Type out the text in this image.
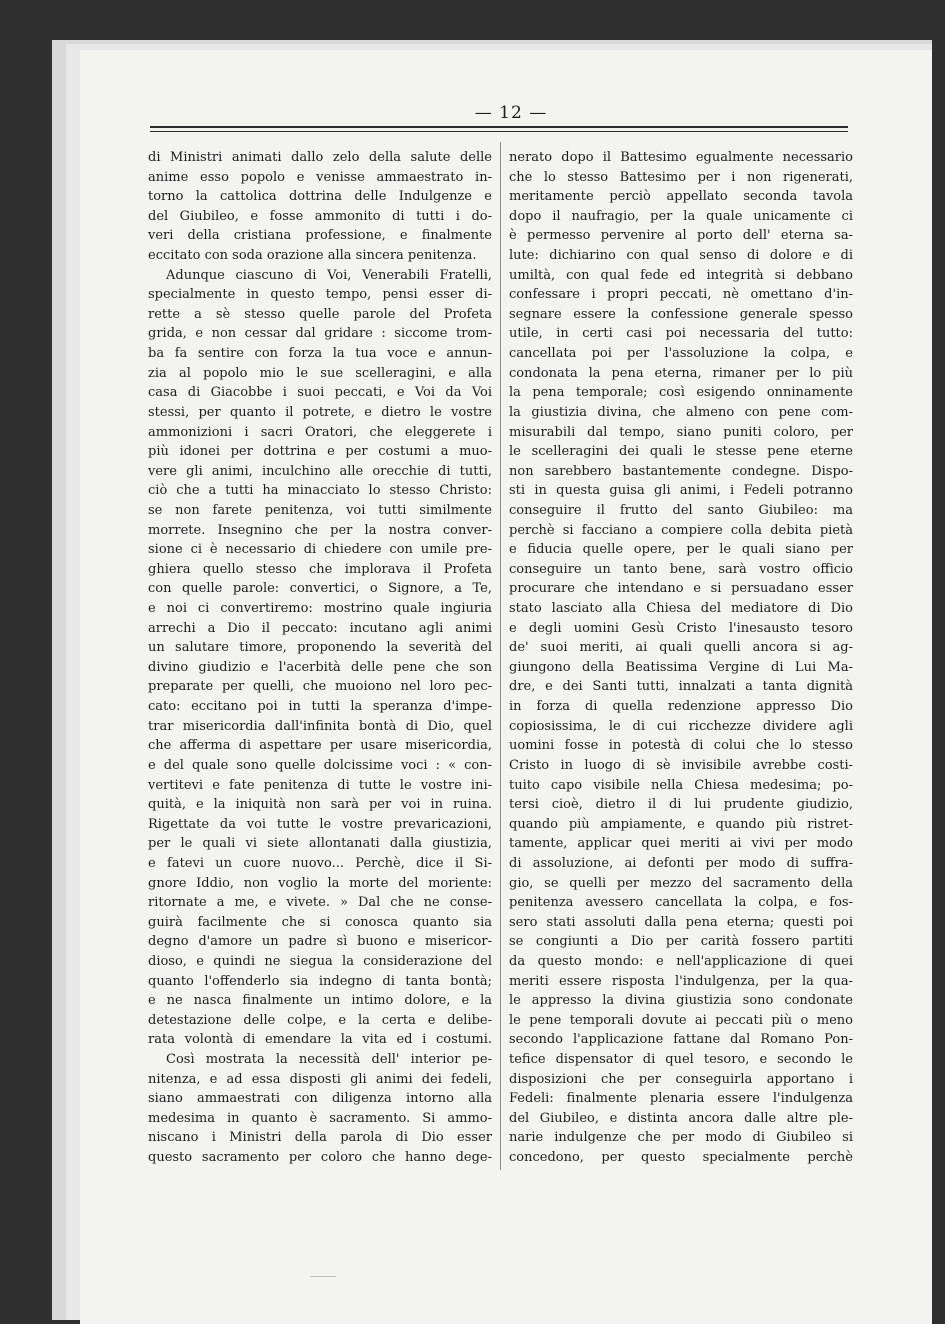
— 12 —
di Ministri animati dallo zelo della salute delle
anime esso popolo e venisse ammaestrato in-
torno la cattolica dottrina delle Indulgenze e
del Giubileo, e fosse ammonito di tutti i do-
veri della cristiana professione, e finalmente
eccitato con soda orazione alla sincera penitenza.
Adunque ciascuno di Voi, Venerabili Fratelli,
specialmente in questo tempo, pensi esser di-
rette a sè stesso quelle parole del Profeta
grida, e non cessar dal gridare : siccome trom-
ba fa sentire con forza la tua voce e annun-
zia al popolo mio le sue scelleragini, e alla
casa di Giacobbe i suoi peccati, e Voi da Voi
stessi, per quanto il potrete, e dietro le vostre
ammonizioni i sacri Oratori, che eleggerete i
più idonei per dottrina e per costumi a muo-
vere gli animi, inculchino alle orecchie di tutti,
ciò che a tutti ha minacciato lo stesso Christo:
se non farete penitenza, voi tutti similmente
morrete. Insegnino che per la nostra conver-
sione ci è necessario di chiedere con umile pre-
ghiera quello stesso che implorava il Profeta
con quelle parole: convertici, o Signore, a Te,
e noi ci convertiremo: mostrino quale ingiuria
arrechi a Dio il peccato: incutano agli animi
un salutare timore, proponendo la severità del
divino giudizio e l'acerbità delle pene che son
preparate per quelli, che muoiono nel loro pec-
cato: eccitano poi in tutti la speranza d'impe-
trar misericordia dall'infinita bontà di Dio, quel
che afferma di aspettare per usare misericordia,
e del quale sono quelle dolcissime voci : « con-
vertitevi e fate penitenza di tutte le vostre ini-
quità, e la iniquità non sarà per voi in ruina.
Rigettate da voi tutte le vostre prevaricazioni,
per le quali vi siete allontanati dalla giustizia,
e fatevi un cuore nuovo... Perchè, dice il Si-
gnore Iddio, non voglio la morte del moriente:
ritornate a me, e vivete. » Dal che ne conse-
guirà facilmente che si conosca quanto sia
degno d'amore un padre sì buono e misericor-
dioso, e quindi ne siegua la considerazione del
quanto l'offenderlo sia indegno di tanta bontà;
e ne nasca finalmente un intimo dolore, e la
detestazione delle colpe, e la certa e delibe-
rata volontà di emendare la vita ed i costumi.
Così mostrata la necessità dell' interior pe-
nitenza, e ad essa disposti gli animi dei fedeli,
siano ammaestrati con diligenza intorno alla
medesima in quanto è sacramento. Si ammo-
niscano i Ministri della parola di Dio esser
questo sacramento per coloro che hanno dege-
nerato dopo il Battesimo egualmente necessario
che lo stesso Battesimo per i non rigenerati,
meritamente perciò appellato seconda tavola
dopo il naufragio, per la quale unicamente ci
è permesso pervenire al porto dell' eterna sa-
lute: dichiarino con qual senso di dolore e di
umiltà, con qual fede ed integrità si debbano
confessare i propri peccati, nè omettano d'in-
segnare essere la confessione generale spesso
utile, in certi casi poi necessaria del tutto:
cancellata poi per l'assoluzione la colpa, e
condonata la pena eterna, rimaner per lo più
la pena temporale; così esigendo onninamente
la giustizia divina, che almeno con pene com-
misurabili dal tempo, siano puniti coloro, per
le scelleragini dei quali le stesse pene eterne
non sarebbero bastantemente condegne. Dispo-
sti in questa guisa gli animi, i Fedeli potranno
conseguire il frutto del santo Giubileo: ma
perchè si facciano a compiere colla debita pietà
e fiducia quelle opere, per le quali siano per
conseguire un tanto bene, sarà vostro officio
procurare che intendano e si persuadano esser
stato lasciato alla Chiesa del mediatore di Dio
e degli uomini Gesù Cristo l'inesausto tesoro
de' suoi meriti, ai quali quelli ancora si ag-
giungono della Beatissima Vergine di Lui Ma-
dre, e dei Santi tutti, innalzati a tanta dignità
in forza di quella redenzione appresso Dio
copiosissima, le di cui ricchezze dividere agli
uomini fosse in potestà di colui che lo stesso
Cristo in luogo di sè invisibile avrebbe costi-
tuito capo visibile nella Chiesa medesima; po-
tersi cioè, dietro il di lui prudente giudizio,
quando più ampiamente, e quando più ristret-
tamente, applicar quei meriti ai vivi per modo
di assoluzione, ai defonti per modo di suffra-
gio, se quelli per mezzo del sacramento della
penitenza avessero cancellata la colpa, e fos-
sero stati assoluti dalla pena eterna; questi poi
se congiunti a Dio per carità fossero partiti
da questo mondo: e nell'applicazione di quei
meriti essere risposta l'indulgenza, per la qua-
le appresso la divina giustizia sono condonate
le pene temporali dovute ai peccati più o meno
secondo l'applicazione fattane dal Romano Pon-
tefice dispensator di quel tesoro, e secondo le
disposizioni che per conseguirla apportano i
Fedeli: finalmente plenaria essere l'indulgenza
del Giubileo, e distinta ancora dalle altre ple-
narie indulgenze che per modo di Giubileo si
concedono, per questo specialmente perchè
